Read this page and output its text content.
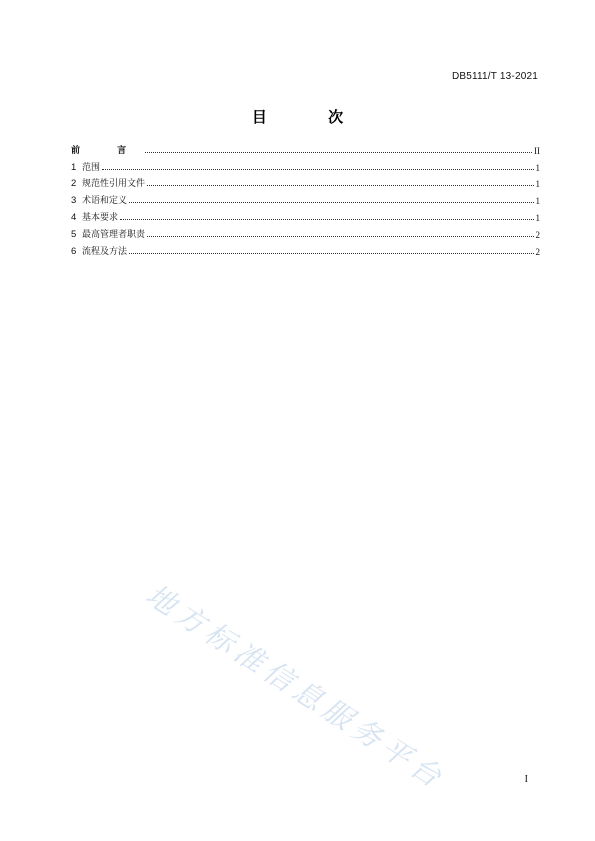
DB5111/T 13-2021
目 次
前 言	II
1 范围	1
2 规范性引用文件	1
3 术语和定义	1
4 基本要求	1
5 最高管理者职责	2
6 流程及方法	2
地方标准信息服务平台	I
